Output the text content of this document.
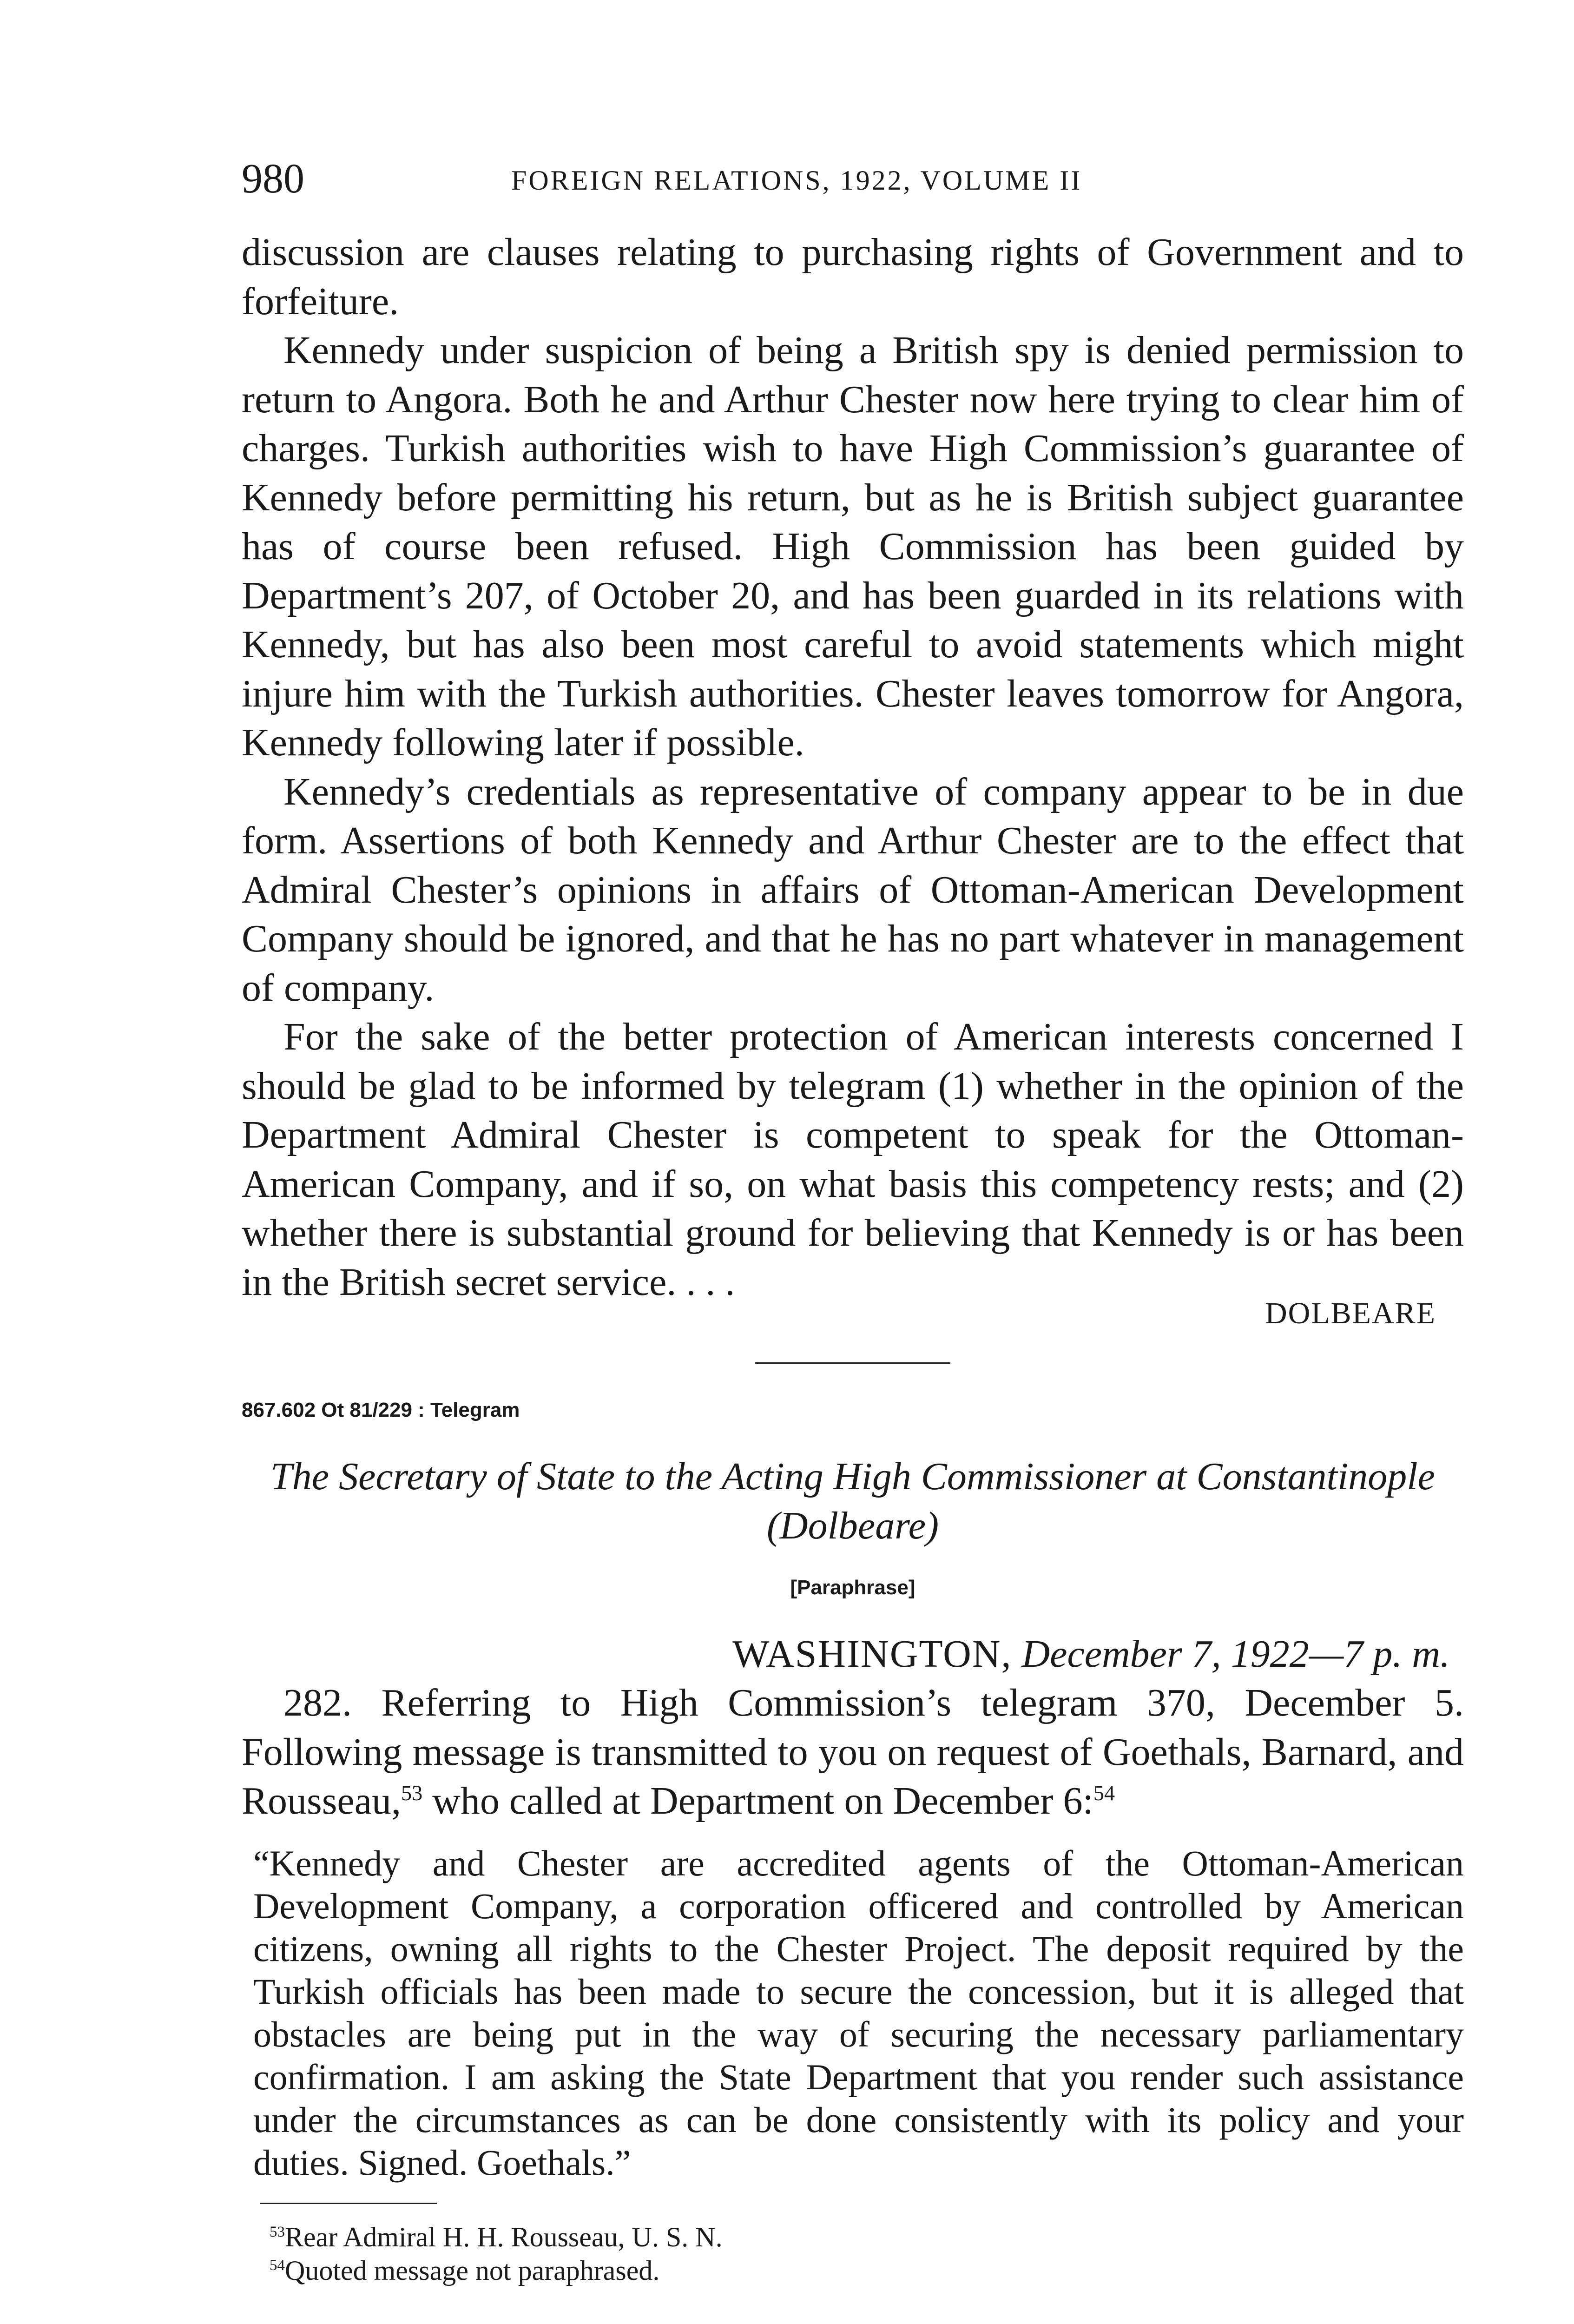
980	FOREIGN RELATIONS, 1922, VOLUME II

discussion are clauses relating to purchasing rights of Government and to forfeiture.

Kennedy under suspicion of being a British spy is denied permission to return to Angora. Both he and Arthur Chester now here trying to clear him of charges. Turkish authorities wish to have High Commission’s guarantee of Kennedy before permitting his return, but as he is British subject guarantee has of course been refused. High Commission has been guided by Department’s 207, of October 20, and has been guarded in its relations with Kennedy, but has also been most careful to avoid statements which might injure him with the Turkish authorities. Chester leaves tomorrow for Angora, Kennedy following later if possible.

Kennedy’s credentials as representative of company appear to be in due form. Assertions of both Kennedy and Arthur Chester are to the effect that Admiral Chester’s opinions in affairs of Ottoman-American Development Company should be ignored, and that he has no part whatever in management of company.

For the sake of the better protection of American interests concerned I should be glad to be informed by telegram (1) whether in the opinion of the Department Admiral Chester is competent to speak for the Ottoman-American Company, and if so, on what basis this competency rests; and (2) whether there is substantial ground for believing that Kennedy is or has been in the British secret service. . . .

DOLBEARE

867.602 Ot 81/229 : Telegram

The Secretary of State to the Acting High Commissioner at Constantinople (Dolbeare)
[Paraphrase]
WASHINGTON, December 7, 1922—7 p. m.

282. Referring to High Commission’s telegram 370, December 5. Following message is transmitted to you on request of Goethals, Barnard, and Rousseau,$^{53}$ who called at Department on December 6:$^{54}$

“Kennedy and Chester are accredited agents of the Ottoman-American Development Company, a corporation officered and controlled by American citizens, owning all rights to the Chester Project. The deposit required by the Turkish officials has been made to secure the concession, but it is alleged that obstacles are being put in the way of securing the necessary parliamentary confirmation. I am asking the State Department that you render such assistance under the circumstances as can be done consistently with its policy and your duties. Signed. Goethals.”
$^{53}$Rear Admiral H. H. Rousseau, U. S. N.
$^{54}$Quoted message not paraphrased.
